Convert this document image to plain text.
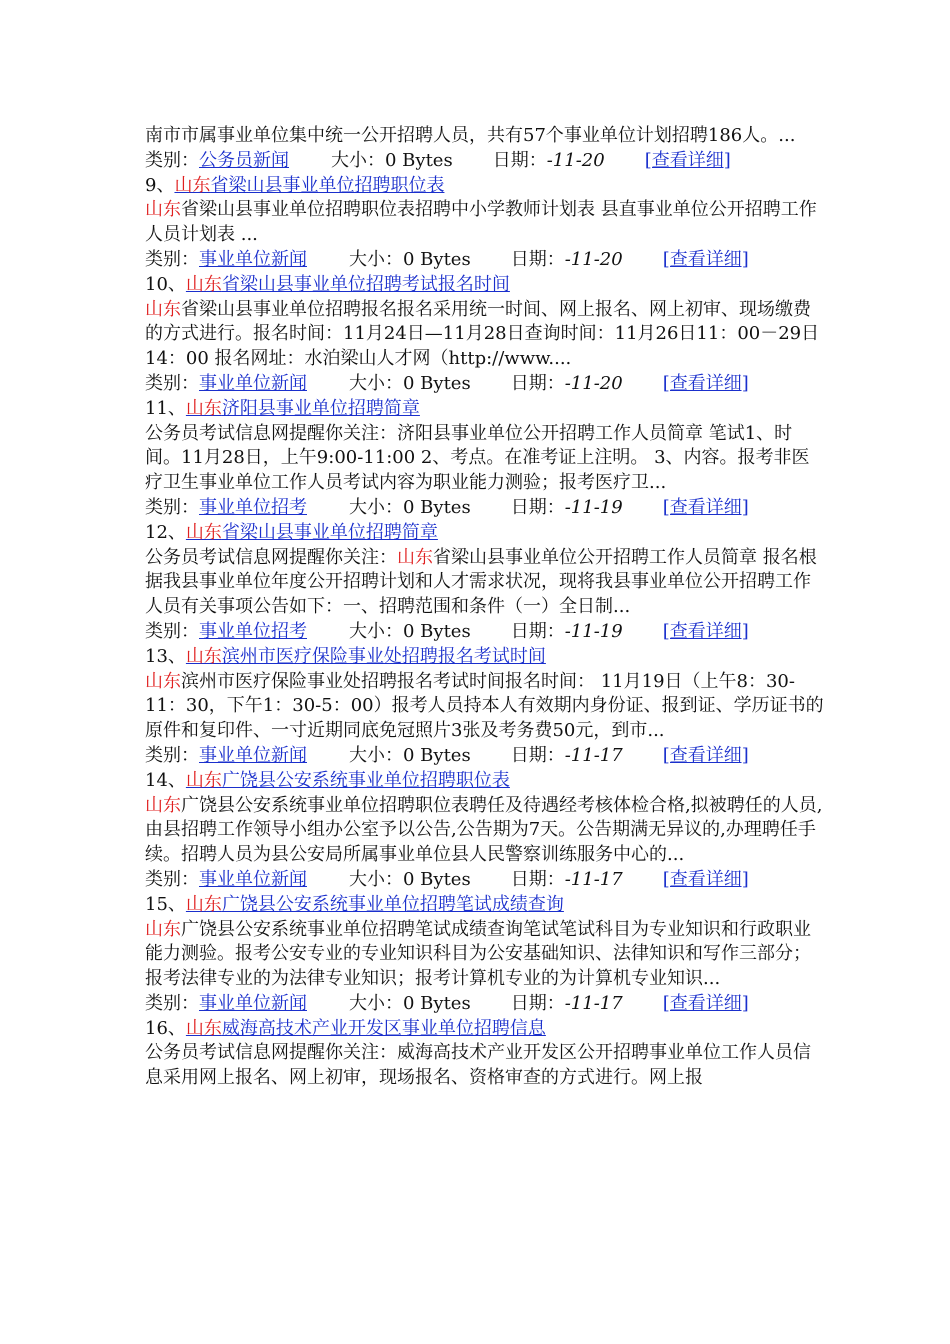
南市市属事业单位集中统一公开招聘人员，共有57个事业单位计划招聘186人。...

类别：公务员新闻 大小：0 Bytes 日期：-11-20 [查看详细]

9、山东省梁山县事业单位招聘职位表

山东省梁山县事业单位招聘职位表招聘中小学教师计划表 县直事业单位公开招聘工作人员计划表 ...

类别：事业单位新闻 大小：0 Bytes 日期：-11-20 [查看详细]

10、山东省梁山县事业单位招聘考试报名时间

山东省梁山县事业单位招聘报名报名采用统一时间、网上报名、网上初审、现场缴费的方式进行。报名时间：11月24日—11月28日查询时间：11月26日11：00－29日14：00 报名网址：水泊梁山人才网（http://www....

类别：事业单位新闻 大小：0 Bytes 日期：-11-20 [查看详细]

11、山东济阳县事业单位招聘简章

公务员考试信息网提醒你关注：济阳县事业单位公开招聘工作人员简章 笔试1、时间。11月28日，上午9:00-11:00 2、考点。在准考证上注明。 3、内容。报考非医疗卫生事业单位工作人员考试内容为职业能力测验；报考医疗卫...

类别：事业单位招考 大小：0 Bytes 日期：-11-19 [查看详细]

12、山东省梁山县事业单位招聘简章

公务员考试信息网提醒你关注：山东省梁山县事业单位公开招聘工作人员简章 报名根据我县事业单位年度公开招聘计划和人才需求状况，现将我县事业单位公开招聘工作人员有关事项公告如下：一、招聘范围和条件（一）全日制...

类别：事业单位招考 大小：0 Bytes 日期：-11-19 [查看详细]

13、山东滨州市医疗保险事业处招聘报名考试时间

山东滨州市医疗保险事业处招聘报名考试时间报名时间： 11月19日（上午8：30-11：30，下午1：30-5：00）报考人员持本人有效期内身份证、报到证、学历证书的原件和复印件、一寸近期同底免冠照片3张及考务费50元，到市...

类别：事业单位新闻 大小：0 Bytes 日期：-11-17 [查看详细]

14、山东广饶县公安系统事业单位招聘职位表

山东广饶县公安系统事业单位招聘职位表聘任及待遇经考核体检合格,拟被聘任的人员,由县招聘工作领导小组办公室予以公告,公告期为7天。公告期满无异议的,办理聘任手续。招聘人员为县公安局所属事业单位县人民警察训练服务中心的...

类别：事业单位新闻 大小：0 Bytes 日期：-11-17 [查看详细]

15、山东广饶县公安系统事业单位招聘笔试成绩查询

山东广饶县公安系统事业单位招聘笔试成绩查询笔试笔试科目为专业知识和行政职业能力测验。报考公安专业的专业知识科目为公安基础知识、法律知识和写作三部分；报考法律专业的为法律专业知识；报考计算机专业的为计算机专业知识...

类别：事业单位新闻 大小：0 Bytes 日期：-11-17 [查看详细]

16、山东威海高技术产业开发区事业单位招聘信息

公务员考试信息网提醒你关注：威海高技术产业开发区公开招聘事业单位工作人员信息采用网上报名、网上初审，现场报名、资格审查的方式进行。网上报
